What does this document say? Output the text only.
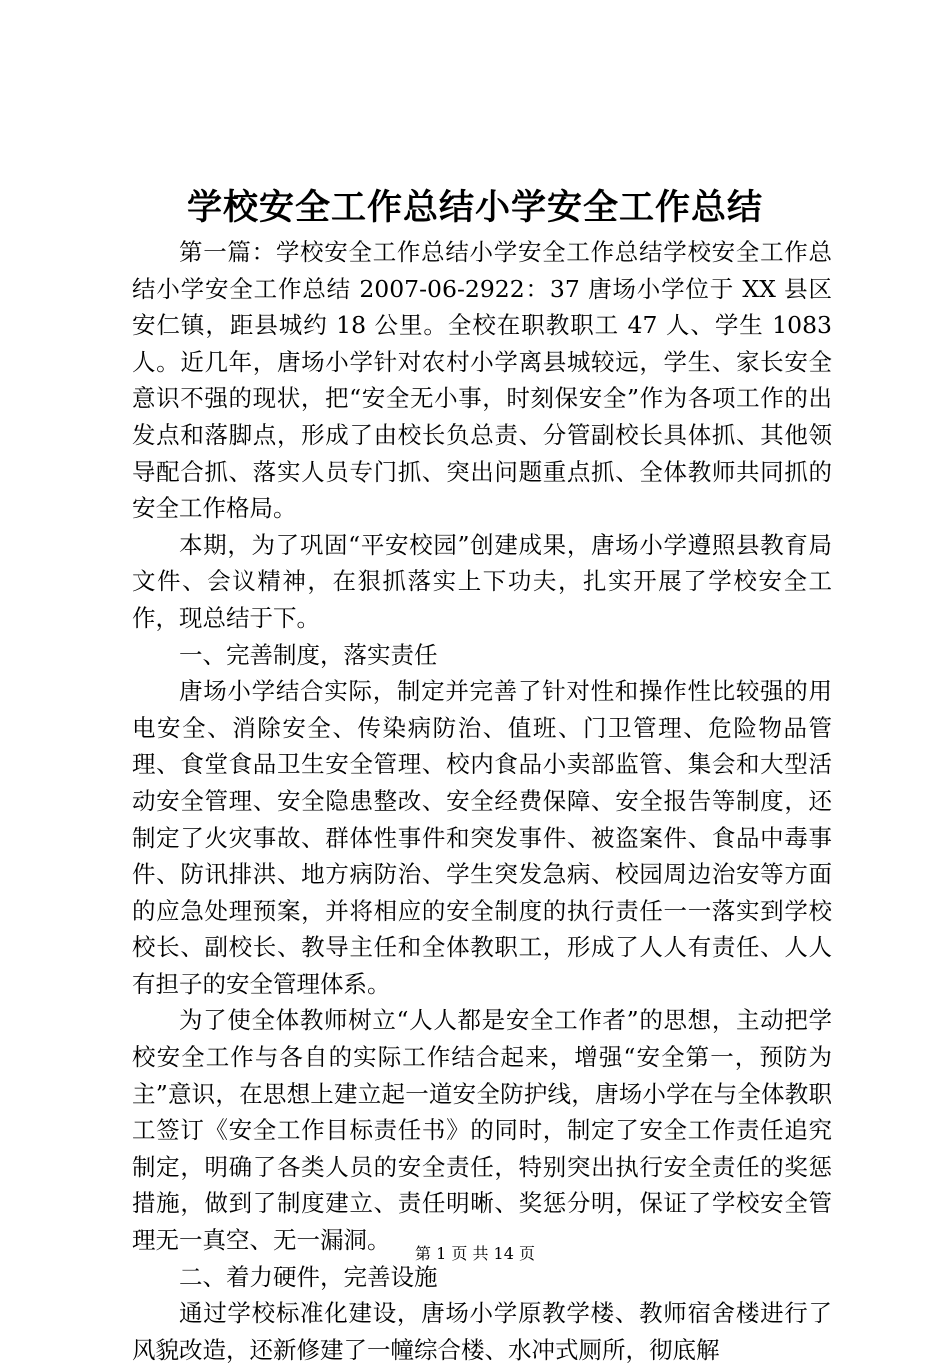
学校安全工作总结小学安全工作总结

第一篇：学校安全工作总结小学安全工作总结学校安全工作总结小学安全工作总结 2007-06-2922：37 唐场小学位于 XX 县区安仁镇，距县城约 18 公里。全校在职教职工 47 人、学生 1083 人。近几年，唐场小学针对农村小学离县城较远，学生、家长安全意识不强的现状，把“安全无小事，时刻保安全”作为各项工作的出发点和落脚点，形成了由校长负总责、分管副校长具体抓、其他领导配合抓、落实人员专门抓、突出问题重点抓、全体教师共同抓的安全工作格局。

本期，为了巩固“平安校园”创建成果，唐场小学遵照县教育局文件、会议精神，在狠抓落实上下功夫，扎实开展了学校安全工作，现总结于下。

一、完善制度，落实责任

唐场小学结合实际，制定并完善了针对性和操作性比较强的用电安全、消除安全、传染病防治、值班、门卫管理、危险物品管理、食堂食品卫生安全管理、校内食品小卖部监管、集会和大型活动安全管理、安全隐患整改、安全经费保障、安全报告等制度，还制定了火灾事故、群体性事件和突发事件、被盗案件、食品中毒事件、防讯排洪、地方病防治、学生突发急病、校园周边治安等方面的应急处理预案，并将相应的安全制度的执行责任一一落实到学校校长、副校长、教导主任和全体教职工，形成了人人有责任、人人有担子的安全管理体系。

为了使全体教师树立“人人都是安全工作者”的思想，主动把学校安全工作与各自的实际工作结合起来，增强“安全第一，预防为主”意识，在思想上建立起一道安全防护线，唐场小学在与全体教职工签订《安全工作目标责任书》的同时，制定了安全工作责任追究制定，明确了各类人员的安全责任，特别突出执行安全责任的奖惩措施，做到了制度建立、责任明晰、奖惩分明，保证了学校安全管理无一真空、无一漏洞。

二、着力硬件，完善设施

通过学校标准化建设，唐场小学原教学楼、教师宿舍楼进行了风貌改造，还新修建了一幢综合楼、水冲式厕所，彻底解

第 1 页 共 14 页
